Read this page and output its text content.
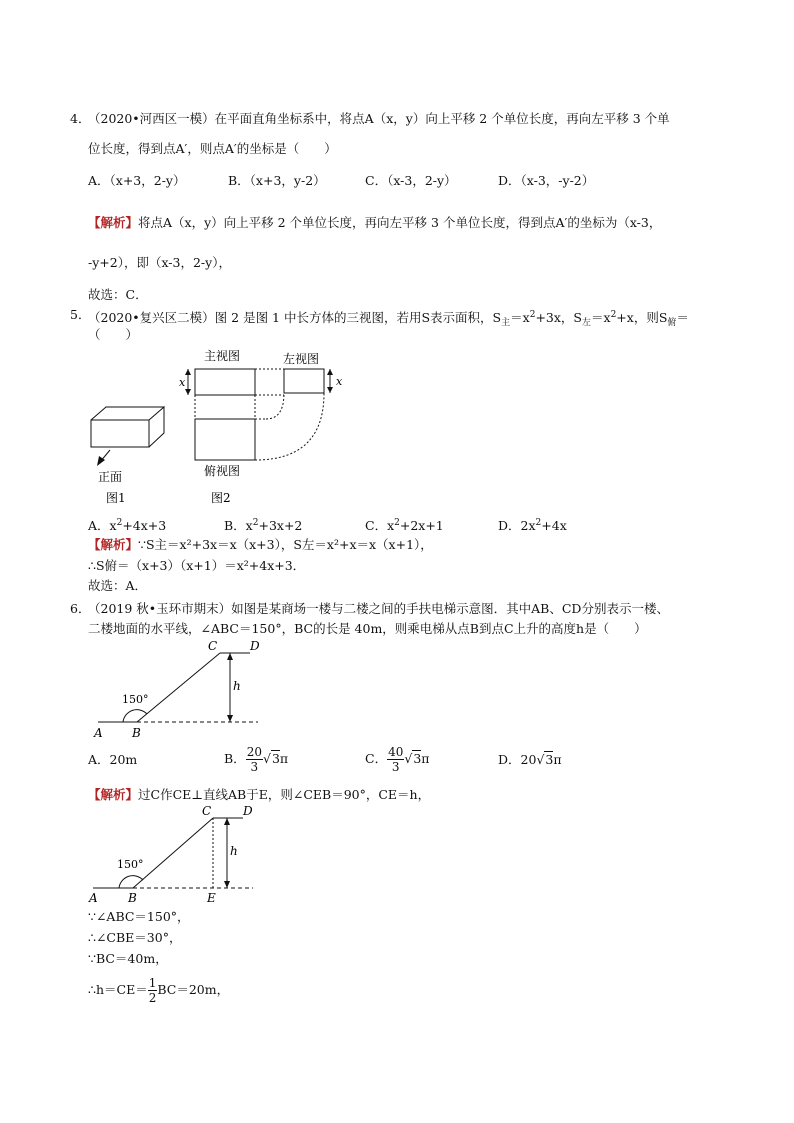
4．
（2020•河西区一模）在平面直角坐标系中，将点A（x，y）向上平移 2 个单位长度，再向左平移 3 个单
位长度，得到点A′，则点A′的坐标是（　　）
A．（x+3，2-y）	B．（x+3，y-2）	C．（x-3，2-y）	D．（x-3，-y-2）
【解析】将点A（x，y）向上平移 2 个单位长度，再向左平移 3 个单位长度，得到点A′的坐标为（x-3，
-y+2），即（x-3，2-y），
故选：C．
5．
（2020•复兴区二模）图 2 是图 1 中长方体的三视图，若用S表示面积，$S_主=x^2+3x$，$S_左=x^2+x$，则$S_俯=$
（　　）
正面
图1
主视图
x
左视图
x
俯视图
图2
A．$x^2+4x+3$	B．$x^2+3x+2$	C．$x^2+2x+1$	D．$2x^2+4x$
【解析】∵S主＝x²+3x＝x（x+3），S左＝x²+x＝x（x+1），
∴S俯＝（x+3）（x+1）＝x²+4x+3．
故选：A．
6．
（2019 秋•玉环市期末）如图是某商场一楼与二楼之间的手扶电梯示意图．其中AB、CD分别表示一楼、
二楼地面的水平线，∠ABC＝150°，BC的长是 40m，则乘电梯从点B到点C上升的高度h是（　　）
h
150°
C	D
A B
A．20m	B． $\frac{20}{3} √3\pi$	C． $\frac{40}{3} √3\pi$	D．20√3π
【解析】过C作CE⊥直线AB于E，则∠CEB＝90°，CE＝h，
h
150°
C	D
A	B	E
∵∠ABC＝150°，
∴∠CBE＝30°，
∵BC＝40m，
∴h＝CE＝ $\frac{1}{2} BC=20m$，
